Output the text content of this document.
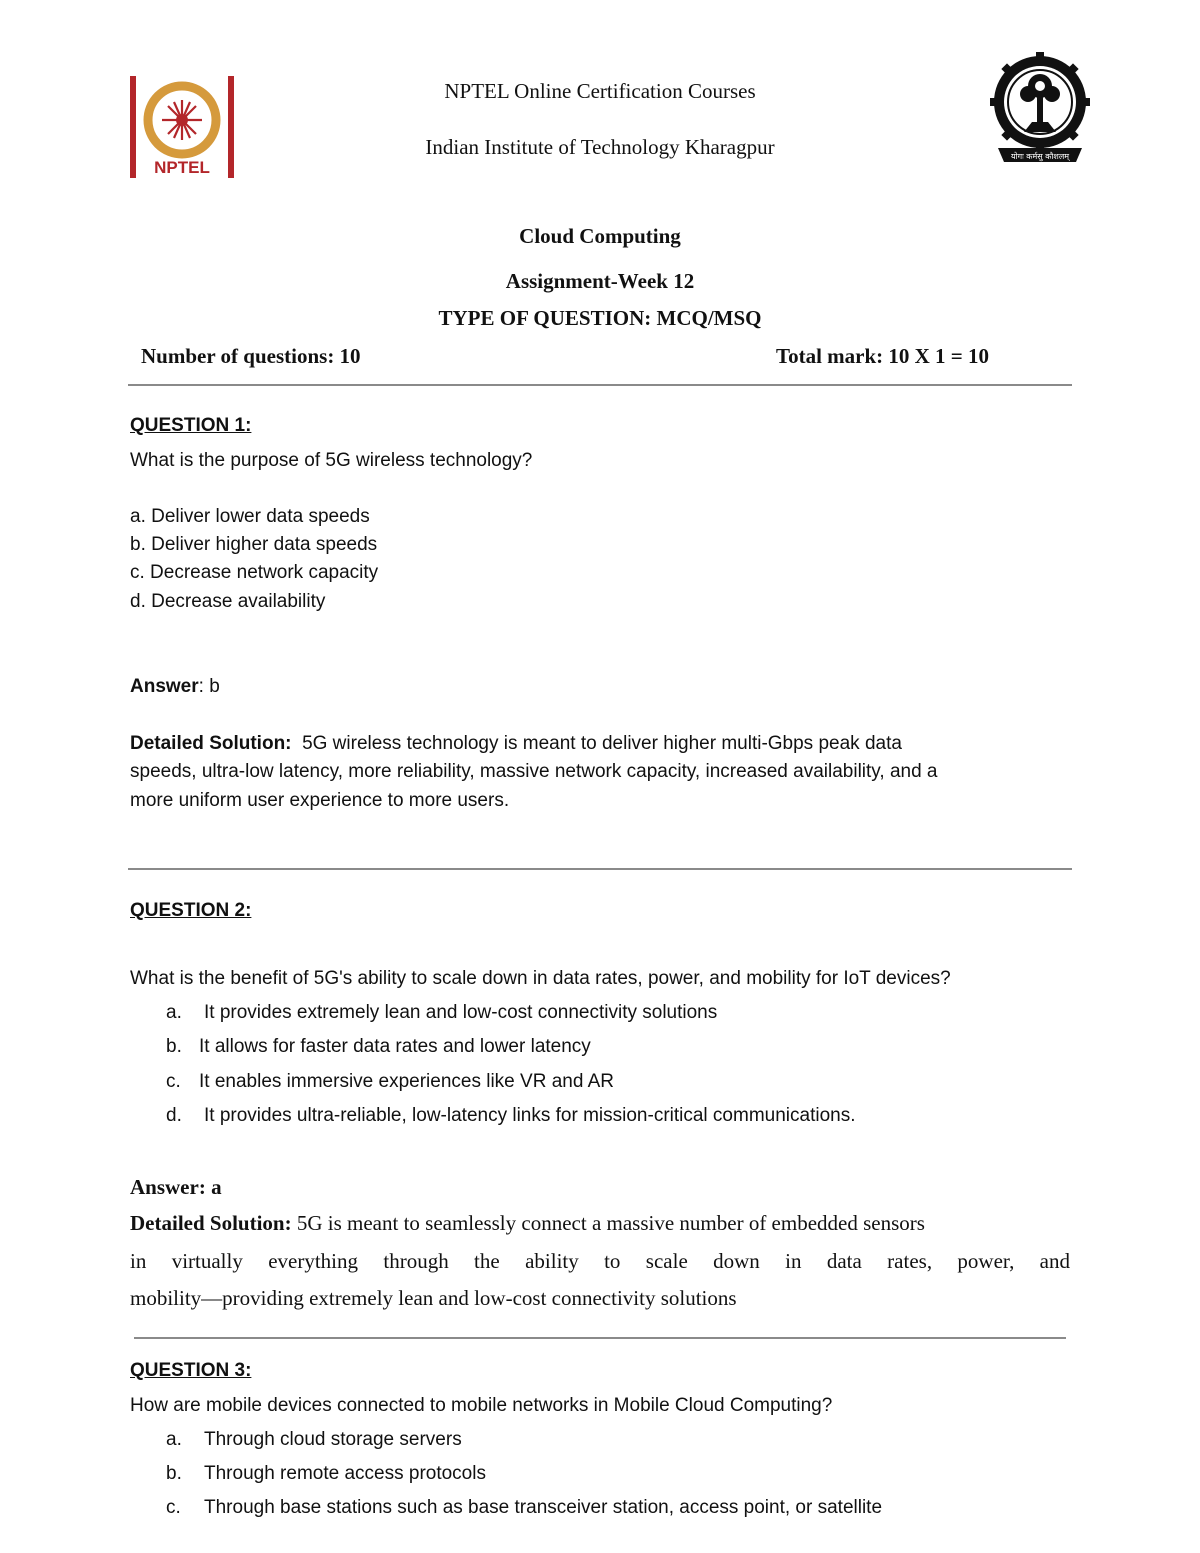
NPTEL
योगः कर्मसु कौशलम्
NPTEL Online Certification Courses
Indian Institute of Technology Kharagpur
Cloud Computing
Assignment-Week 12
TYPE OF QUESTION: MCQ/MSQ
Number of questions: 10	Total mark: 10 X 1 = 10
QUESTION 1:
What is the purpose of 5G wireless technology?
a. Deliver lower data speeds
b. Deliver higher data speeds
c. Decrease network capacity
d. Decrease availability
Answer: b
Detailed Solution: 5G wireless technology is meant to deliver higher multi-Gbps peak data
speeds, ultra-low latency, more reliability, massive network capacity, increased availability, and a
more uniform user experience to more users.
QUESTION 2:
What is the benefit of 5G's ability to scale down in data rates, power, and mobility for IoT devices?
a. It provides extremely lean and low-cost connectivity solutions
b. It allows for faster data rates and lower latency
c. It enables immersive experiences like VR and AR
d. It provides ultra-reliable, low-latency links for mission-critical communications.
Answer: a
Detailed Solution: 5G is meant to seamlessly connect a massive number of embedded sensors
in virtually everything through the ability to scale down in data rates, power, and
mobility—providing extremely lean and low-cost connectivity solutions
QUESTION 3:
How are mobile devices connected to mobile networks in Mobile Cloud Computing?
a. Through cloud storage servers
b. Through remote access protocols
c. Through base stations such as base transceiver station, access point, or satellite
